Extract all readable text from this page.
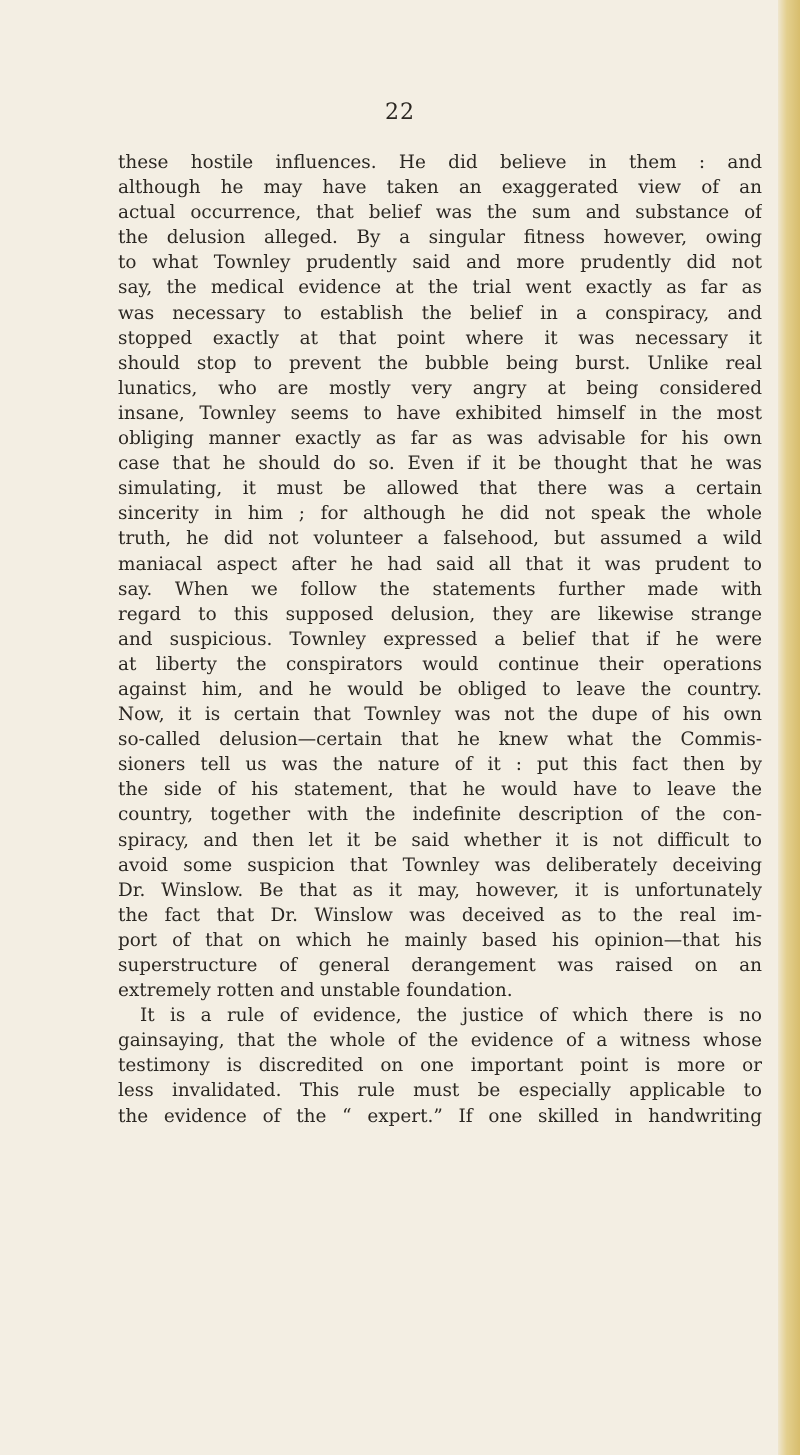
22
these hostile influences. He did believe in them : and
although he may have taken an exaggerated view of an
actual occurrence, that belief was the sum and substance of
the delusion alleged. By a singular fitness however, owing
to what Townley prudently said and more prudently did not
say, the medical evidence at the trial went exactly as far as
was necessary to establish the belief in a conspiracy, and
stopped exactly at that point where it was necessary it
should stop to prevent the bubble being burst. Unlike real
lunatics, who are mostly very angry at being considered
insane, Townley seems to have exhibited himself in the most
obliging manner exactly as far as was advisable for his own
case that he should do so. Even if it be thought that he was
simulating, it must be allowed that there was a certain
sincerity in him ; for although he did not speak the whole
truth, he did not volunteer a falsehood, but assumed a wild
maniacal aspect after he had said all that it was prudent to
say. When we follow the statements further made with
regard to this supposed delusion, they are likewise strange
and suspicious. Townley expressed a belief that if he were
at liberty the conspirators would continue their operations
against him, and he would be obliged to leave the country.
Now, it is certain that Townley was not the dupe of his own
so-called delusion—certain that he knew what the Commis-
sioners tell us was the nature of it : put this fact then by
the side of his statement, that he would have to leave the
country, together with the indefinite description of the con-
spiracy, and then let it be said whether it is not difficult to
avoid some suspicion that Townley was deliberately deceiving
Dr. Winslow. Be that as it may, however, it is unfortunately
the fact that Dr. Winslow was deceived as to the real im-
port of that on which he mainly based his opinion—that his
superstructure of general derangement was raised on an
extremely rotten and unstable foundation.
It is a rule of evidence, the justice of which there is no
gainsaying, that the whole of the evidence of a witness whose
testimony is discredited on one important point is more or
less invalidated. This rule must be especially applicable to
the evidence of the “ expert.” If one skilled in handwriting
